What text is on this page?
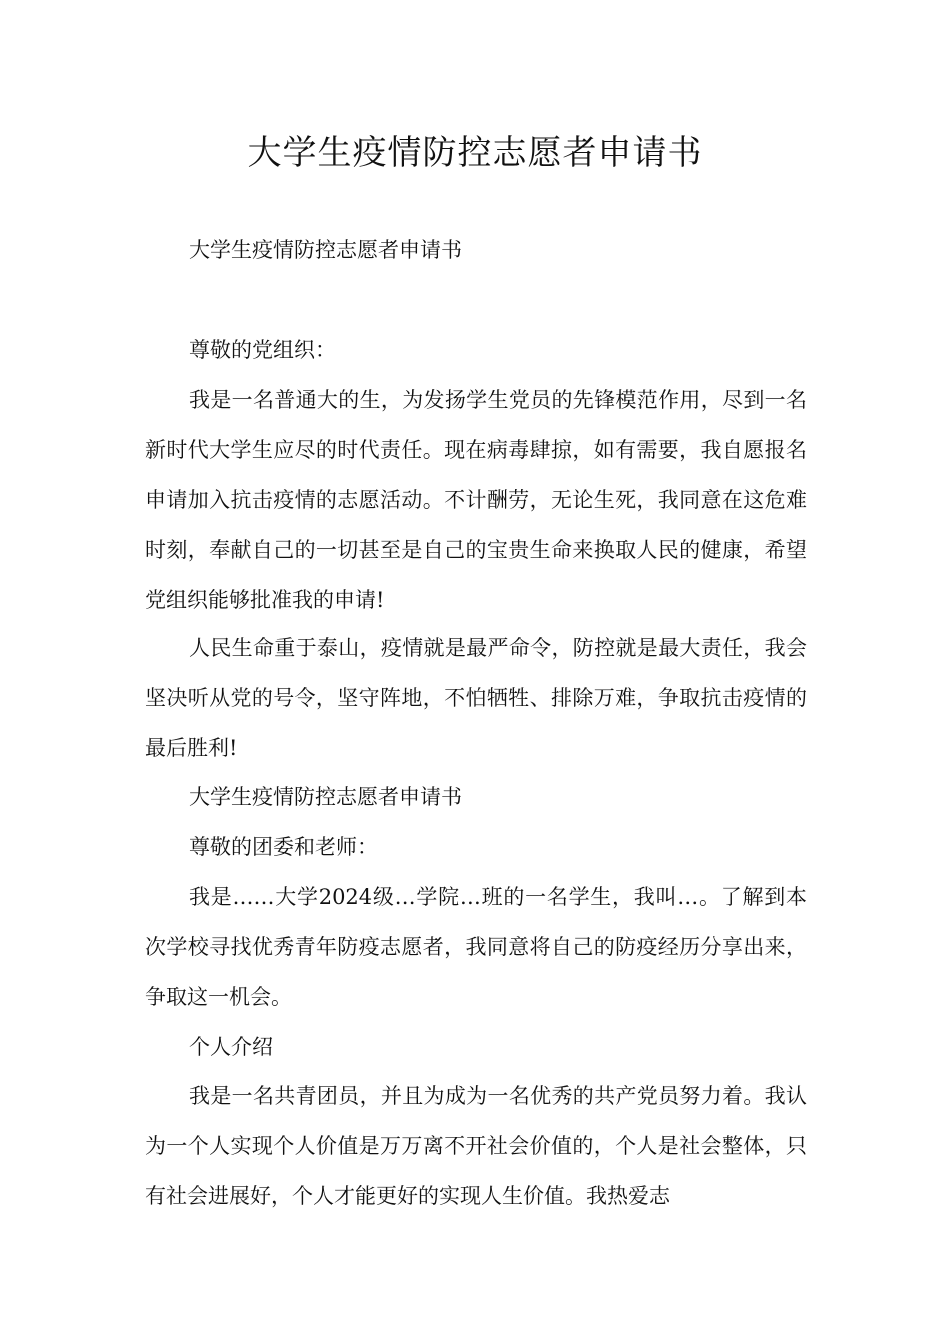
大学生疫情防控志愿者申请书

大学生疫情防控志愿者申请书

尊敬的党组织：

我是一名普通大的生，为发扬学生党员的先锋模范作用，尽到一名新时代大学生应尽的时代责任。现在病毒肆掠，如有需要，我自愿报名申请加入抗击疫情的志愿活动。不计酬劳，无论生死，我同意在这危难时刻，奉献自己的一切甚至是自己的宝贵生命来换取人民的健康，希望党组织能够批准我的申请!

人民生命重于泰山，疫情就是最严命令，防控就是最大责任，我会坚决听从党的号令，坚守阵地，不怕牺牲、排除万难，争取抗击疫情的最后胜利!

大学生疫情防控志愿者申请书

尊敬的团委和老师：

我是……大学2024级…学院…班的一名学生，我叫…。了解到本次学校寻找优秀青年防疫志愿者，我同意将自己的防疫经历分享出来，争取这一机会。

个人介绍

我是一名共青团员，并且为成为一名优秀的共产党员努力着。我认为一个人实现个人价值是万万离不开社会价值的，个人是社会整体，只有社会进展好，个人才能更好的实现人生价值。我热爱志
